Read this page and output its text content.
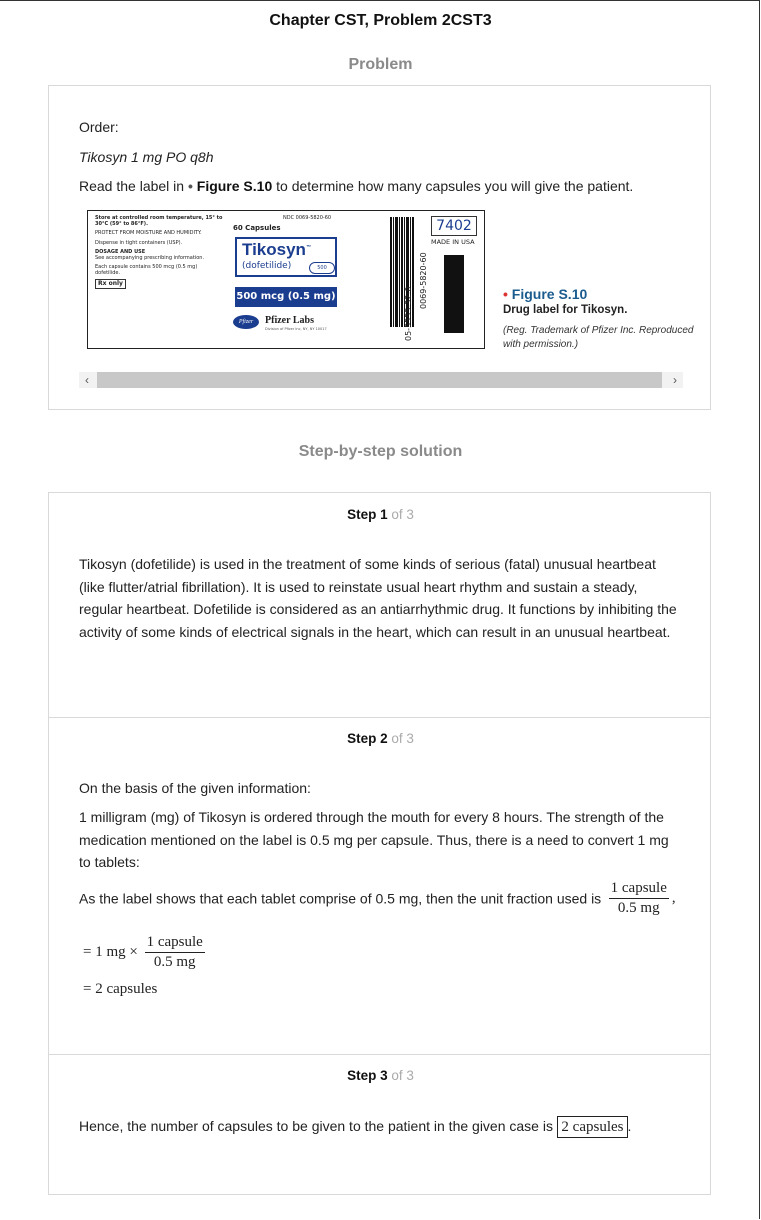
Chapter CST, Problem 2CST3
Problem

Order:

Tikosyn 1 mg PO q8h

Read the label in • Figure S.10 to determine how many capsules you will give the patient.

Store at controlled room temperature, 15° to 30°C (59° to 86°F).
PROTECT FROM MOISTURE AND HUMIDITY.
Dispense in tight containers (USP).
DOSAGE AND USE
See accompanying prescribing information.
Each capsule contains 500 mcg (0.5 mg) dofetilide.
Rx only
60 Capsules
NDC 0069-5820-60
Tikosyn™
(dofetilide)	500
500 mcg (0.5 mg)
Pfizer	Pfizer Labs
Division of Pfizer Inc, NY, NY 10017
0069-5820-60
05-5555-32-0
7402
MADE IN USA
• Figure S.10
Drug label for Tikosyn.
(Reg. Trademark of Pfizer Inc. Reproduced with permission.)
‹	›
Step-by-step solution
Step 1 of 3

Tikosyn (dofetilide) is used in the treatment of some kinds of serious (fatal) unusual heartbeat (like flutter/atrial fibrillation). It is used to reinstate usual heart rhythm and sustain a steady, regular heartbeat. Dofetilide is considered as an antiarrhythmic drug. It functions by inhibiting the activity of some kinds of electrical signals in the heart, which can result in an unusual heartbeat.

Step 2 of 3

On the basis of the given information:

1 milligram (mg) of Tikosyn is ordered through the mouth for every 8 hours. The strength of the medication mentioned on the label is 0.5 mg per capsule. Thus, there is a need to convert 1 mg to tablets:

As the label shows that each tablet comprise of 0.5 mg, then the unit fraction used is $\frac{\text{1 capsule}}{0.5 mg}$ ,
= 1 mg × $\frac{\text{1 capsule}}{0.5 mg}$
= 2 capsules
Step 3 of 3
Hence, the number of capsules to be given to the patient in the given case is 2 capsules .
